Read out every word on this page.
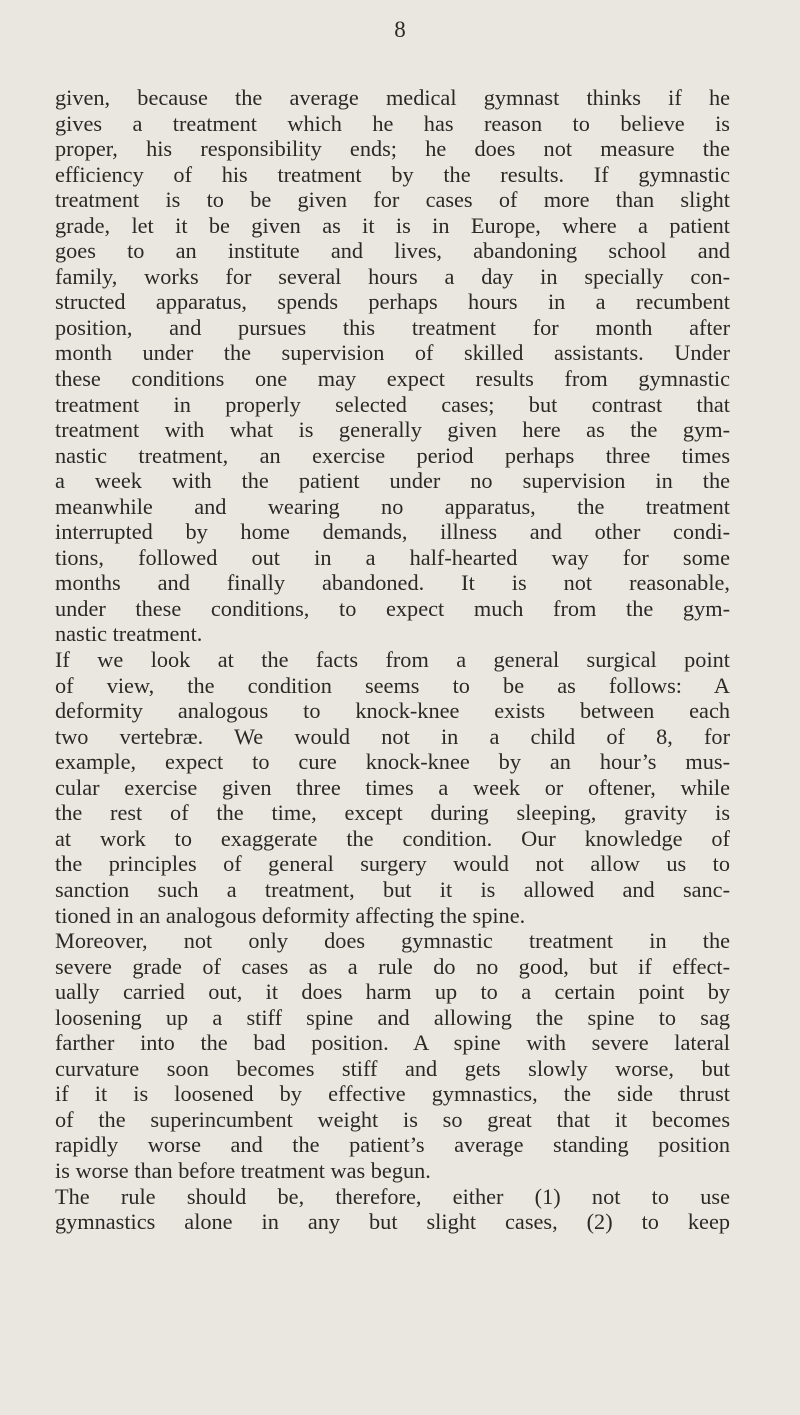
8
given, because the average medical gymnast thinks if he
gives a treatment which he has reason to believe is
proper, his responsibility ends; he does not measure the
efficiency of his treatment by the results. If gymnastic
treatment is to be given for cases of more than slight
grade, let it be given as it is in Europe, where a patient
goes to an institute and lives, abandoning school and
family, works for several hours a day in specially con-
structed apparatus, spends perhaps hours in a recumbent
position, and pursues this treatment for month after
month under the supervision of skilled assistants. Under
these conditions one may expect results from gymnastic
treatment in properly selected cases; but contrast that
treatment with what is generally given here as the gym-
nastic treatment, an exercise period perhaps three times
a week with the patient under no supervision in the
meanwhile and wearing no apparatus, the treatment
interrupted by home demands, illness and other condi-
tions, followed out in a half-hearted way for some
months and finally abandoned. It is not reasonable,
under these conditions, to expect much from the gym-
nastic treatment.
If we look at the facts from a general surgical point
of view, the condition seems to be as follows: A
deformity analogous to knock-knee exists between each
two vertebræ. We would not in a child of 8, for
example, expect to cure knock-knee by an hour’s mus-
cular exercise given three times a week or oftener, while
the rest of the time, except during sleeping, gravity is
at work to exaggerate the condition. Our knowledge of
the principles of general surgery would not allow us to
sanction such a treatment, but it is allowed and sanc-
tioned in an analogous deformity affecting the spine.
Moreover, not only does gymnastic treatment in the
severe grade of cases as a rule do no good, but if effect-
ually carried out, it does harm up to a certain point by
loosening up a stiff spine and allowing the spine to sag
farther into the bad position. A spine with severe lateral
curvature soon becomes stiff and gets slowly worse, but
if it is loosened by effective gymnastics, the side thrust
of the superincumbent weight is so great that it becomes
rapidly worse and the patient’s average standing position
is worse than before treatment was begun.
The rule should be, therefore, either (1) not to use
gymnastics alone in any but slight cases, (2) to keep
